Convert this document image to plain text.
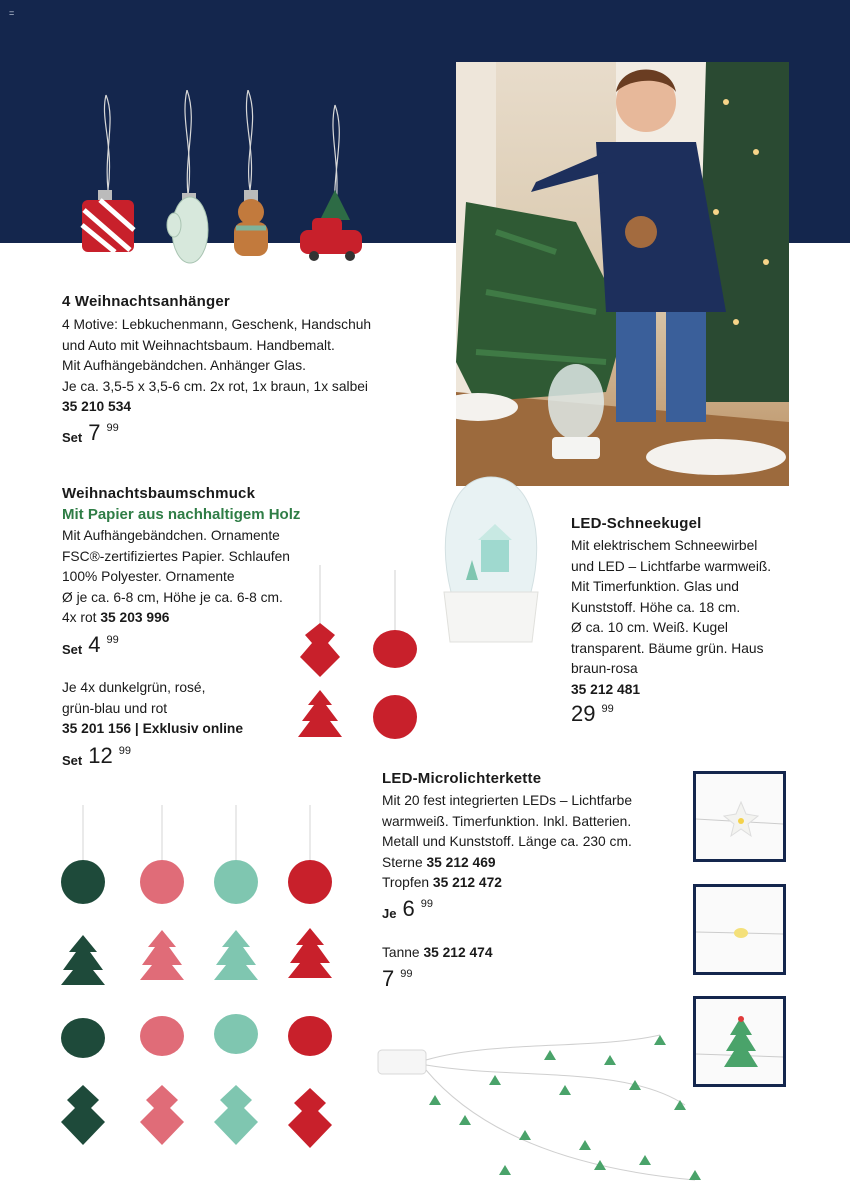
=
4 Weihnachtsanhänger
4 Motive: Lebkuchenmann, Geschenk, Handschuh
und Auto mit Weihnachtsbaum. Handbemalt.
Mit Aufhängebändchen. Anhänger Glas.
Je ca. 3,5-5 x 3,5-6 cm. 2x rot, 1x braun, 1x salbei
35 210 534
Set 7 99
Weihnachtsbaumschmuck
Mit Papier aus nachhaltigem Holz
Mit Aufhängebändchen. Ornamente
FSC®-zertifiziertes Papier. Schlaufen
100% Polyester. Ornamente
Ø je ca. 6-8 cm, Höhe je ca. 6-8 cm.
4x rot 35 203 996
Set 4 99
Je 4x dunkelgrün, rosé,
grün-blau und rot
35 201 156 | Exklusiv online
Set 12 99
LED-Schneekugel
Mit elektrischem Schneewirbel
und LED – Lichtfarbe warmweiß.
Mit Timerfunktion. Glas und
Kunststoff. Höhe ca. 18 cm.
Ø ca. 10 cm. Weiß. Kugel
transparent. Bäume grün. Haus
braun-rosa
35 212 481
29 99
LED-Microlichterkette
Mit 20 fest integrierten LEDs – Lichtfarbe
warmweiß. Timerfunktion. Inkl. Batterien.
Metall und Kunststoff. Länge ca. 230 cm.
Sterne 35 212 469
Tropfen 35 212 472
Je 6 99
Tanne 35 212 474
7 99
